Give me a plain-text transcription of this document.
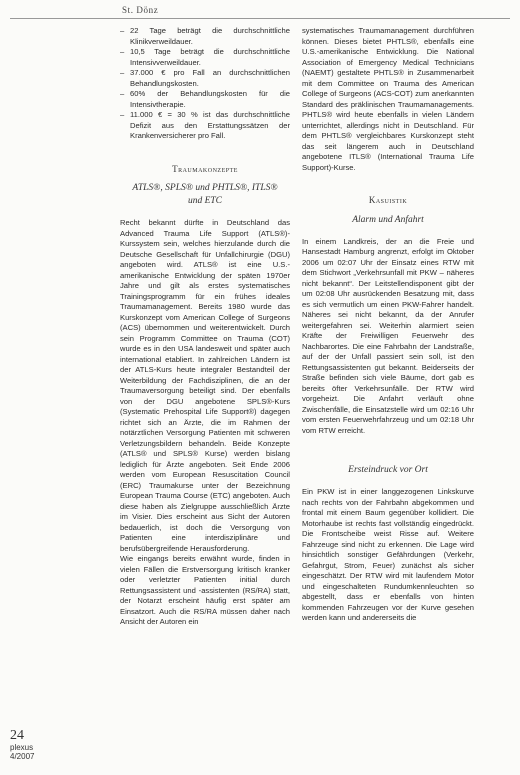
St. Dönz
– 22 Tage beträgt die durchschnittliche Klinikverweildauer.
– 10,5 Tage beträgt die durchschnittliche Intensivverweildauer.
– 37.000 € pro Fall an durchschnittlichen Behandlungskosten.
– 60% der Behandlungskosten für die Intensivtherapie.
– 11.000 € = 30 % ist das durchschnittliche Defizit aus den Erstattungssätzen der Krankenversicherer pro Fall.
Traumakonzepte
ATLS®, SPLS® und PHTLS®, ITLS® und ETC

Recht bekannt dürfte in Deutschland das Advanced Trauma Life Support (ATLS®)-Kurssystem sein, welches hierzulande durch die Deutsche Gesellschaft für Unfallchirurgie (DGU) angeboten wird. ATLS® ist eine U.S.-amerikanische Entwicklung der späten 1970er Jahre und gilt als erstes systematisches Trainingsprogramm für ein frühes ideales Traumamanagement. Bereits 1980 wurde das Kurskonzept vom American College of Surgeons (ACS) übernommen und weiterentwickelt. Durch sein Programm Committee on Trauma (COT) wurde es in den USA landesweit und später auch international etabliert. In zahlreichen Ländern ist der ATLS-Kurs heute integraler Bestandteil der Weiterbildung der Fachdisziplinen, die an der Traumaversorgung beteiligt sind. Der ebenfalls von der DGU angebotene SPLS®-Kurs (Systematic Prehospital Life Support®) dagegen richtet sich an Ärzte, die im Rahmen der notärztlichen Versorgung Patienten mit schweren Verletzungsbildern behandeln. Beide Konzepte (ATLS® und SPLS® Kurse) werden bislang lediglich für Ärzte angeboten. Seit Ende 2006 werden vom European Resuscitation Council (ERC) Traumakurse unter der Bezeichnung European Trauma Course (ETC) angeboten. Auch diese haben als Zielgruppe ausschließlich Ärzte im Visier. Dies erscheint aus Sicht der Autoren bedauerlich, ist doch die Versorgung von Patienten eine interdisziplinäre und berufsübergreifende Herausforderung.

Wie eingangs bereits erwähnt wurde, finden in vielen Fällen die Erstversorgung kritisch kranker oder verletzter Patienten initial durch Rettungsassistent und -assistenten (RS/RA) statt, der Notarzt erscheint häufig erst später am Einsatzort. Auch die RS/RA müssen daher nach Ansicht der Autoren ein

systematisches Traumamanagement durchführen können. Dieses bietet PHTLS®, ebenfalls eine U.S.-amerikanische Entwicklung. Die National Association of Emergency Medical Technicians (NAEMT) gestaltete PHTLS® in Zusammenarbeit mit dem Committee on Trauma des American College of Surgeons (ACS-COT) zum anerkannten Standard des präklinischen Traumamanagements. PHTLS® wird heute ebenfalls in vielen Ländern unterrichtet, allerdings nicht in Deutschland. Für dem PHTLS® vergleichbares Kurskonzept steht das seit längerem auch in Deutschland angebotene ITLS® (International Trauma Life Support)-Kurse.

Kasuistik
Alarm und Anfahrt

In einem Landkreis, der an die Freie und Hansestadt Hamburg angrenzt, erfolgt im Oktober 2006 um 02:07 Uhr der Einsatz eines RTW mit dem Stichwort „Verkehrsunfall mit PKW – näheres nicht bekannt“. Der Leitstellendisponent gibt der um 02:08 Uhr ausrückenden Besatzung mit, dass es sich vermutlich um einen PKW-Fahrer handelt. Näheres sei nicht bekannt, da der Anrufer weitergefahren sei. Weiterhin alarmiert seien Kräfte der Freiwilligen Feuerwehr des Nachbarortes. Die eine Fahrbahn der Landstraße, auf der der Unfall passiert sein soll, ist den Rettungsassistenten gut bekannt. Beiderseits der Straße befinden sich viele Bäume, dort gab es bereits öfter Verkehrsunfälle. Der RTW wird vorgeheizt. Die Anfahrt verläuft ohne Zwischenfälle, die Einsatzstelle wird um 02:16 Uhr vom ersten Feuerwehrfahrzeug und um 02:18 Uhr vom RTW erreicht.

Ersteindruck vor Ort

Ein PKW ist in einer langgezogenen Linkskurve nach rechts von der Fahrbahn abgekommen und frontal mit einem Baum gegenüber kollidiert. Die Motorhaube ist rechts fast vollständig eingedrückt. Die Frontscheibe weist Risse auf. Weitere Fahrzeuge sind nicht zu erkennen. Die Lage wird hinsichtlich sonstiger Gefährdungen (Verkehr, Gefahrgut, Strom, Feuer) zunächst als sicher eingeschätzt. Der RTW wird mit laufendem Motor und eingeschalteten Rundumkennleuchten so abgestellt, dass er ebenfalls von hinten kommenden Fahrzeugen vor der Kurve gesehen werden kann und andererseits die

24
plexus
4/2007
